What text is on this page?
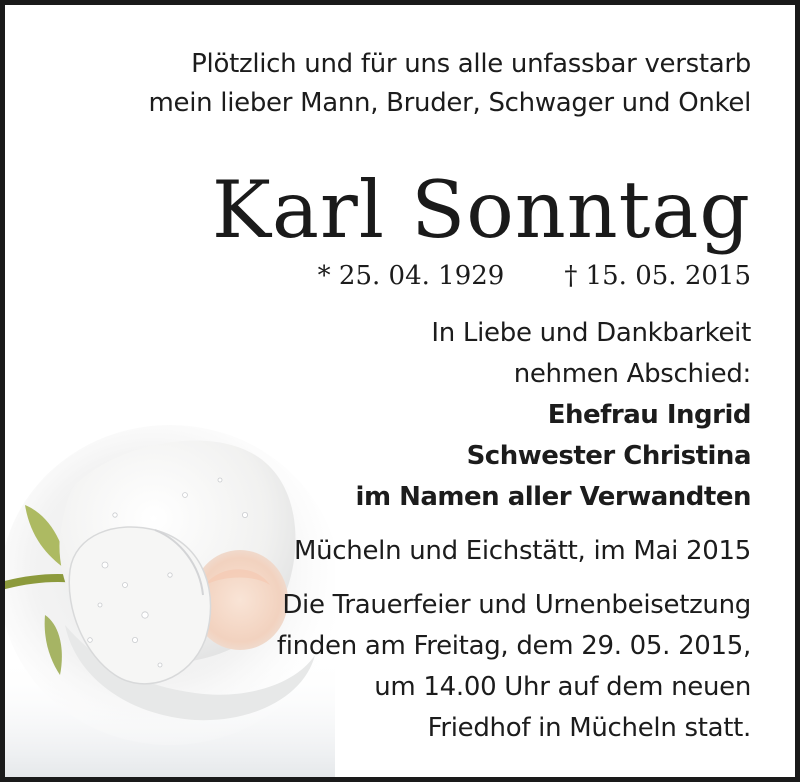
Plötzlich und für uns alle unfassbar verstarb
mein lieber Mann, Bruder, Schwager und Onkel
Karl Sonntag
* 25. 04. 1929 † 15. 05. 2015
In Liebe und Dankbarkeit
nehmen Abschied:
Ehefrau Ingrid
Schwester Christina
im Namen aller Verwandten
Mücheln und Eichstätt, im Mai 2015
Die Trauerfeier und Urnenbeisetzung
finden am Freitag, dem 29. 05. 2015,
um 14.00 Uhr auf dem neuen
Friedhof in Mücheln statt.
